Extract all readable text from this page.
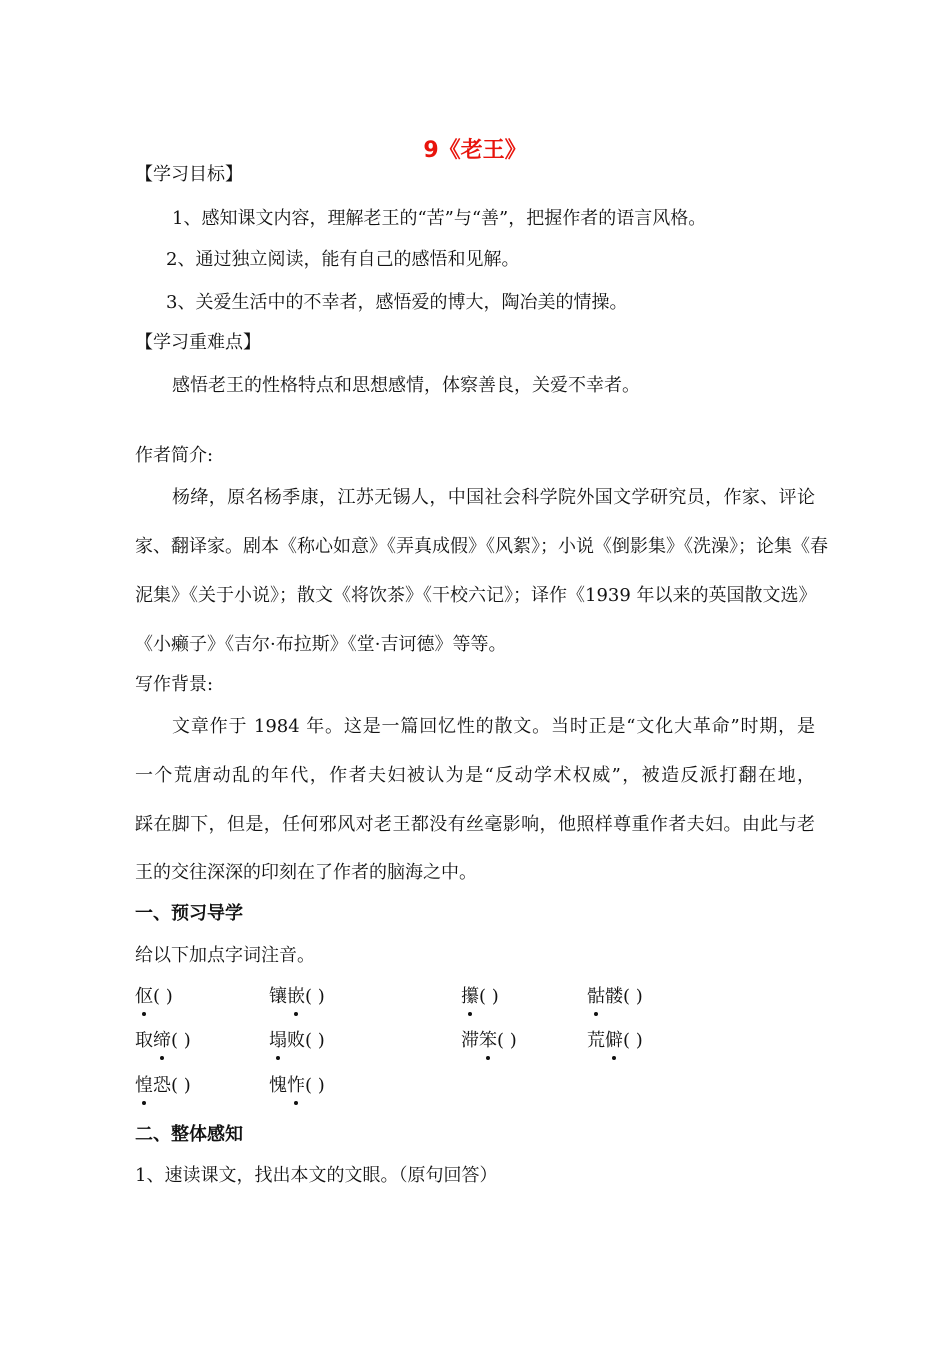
9《老王》
【学习目标】
1、感知课文内容，理解老王的“苦”与“善”，把握作者的语言风格。
2、通过独立阅读，能有自己的感悟和见解。
3、关爱生活中的不幸者，感悟爱的博大，陶冶美的情操。
【学习重难点】
感悟老王的性格特点和思想感情，体察善良，关爱不幸者。
作者简介:
杨绛，原名杨季康，江苏无锡人，中国社会科学院外国文学研究员，作家、评论
家、翻译家。剧本《称心如意》《弄真成假》《风絮》；小说《倒影集》《洗澡》；论集《春
泥集》《关于小说》；散文《将饮茶》《干校六记》；译作《1939 年以来的英国散文选》
《小癞子》《吉尔·布拉斯》《堂·吉诃德》等等。
写作背景:
文章作于 1984 年。这是一篇回忆性的散文。当时正是“文化大革命”时期，是
一个荒唐动乱的年代，作者夫妇被认为是“反动学术权威”，被造反派打翻在地，
踩在脚下，但是，任何邪风对老王都没有丝毫影响，他照样尊重作者夫妇。由此与老
王的交往深深的印刻在了作者的脑海之中。
一、预习导学
给以下加点字词注音。
伛( )	镶嵌( )	攥( )	骷髅( )
取缔( )	塌败( )	滞笨( )	荒僻( )
惶恐( )	愧怍( )
二、整体感知
1、速读课文，找出本文的文眼。（原句回答）
